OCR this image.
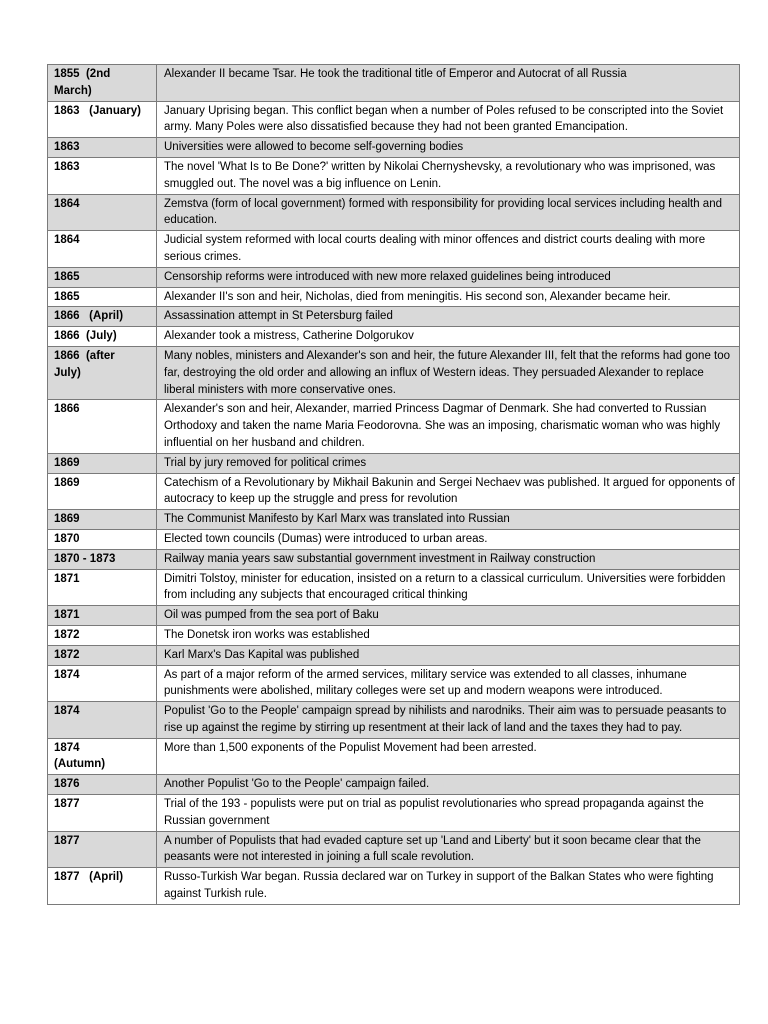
1855  (2nd
March)	Alexander II became Tsar. He took the traditional title of Emperor and Autocrat of all Russia
1863   (January)	January Uprising began. This conflict began when a number of Poles refused to be conscripted into the Soviet army. Many Poles were also dissatisfied because they had not been granted Emancipation.
1863	Universities were allowed to become self-governing bodies
1863	The novel 'What Is to Be Done?' written by Nikolai Chernyshevsky, a revolutionary who was imprisoned, was smuggled out. The novel was a big influence on Lenin.
1864	Zemstva (form of local government) formed with responsibility for providing local services including health and education.
1864	Judicial system reformed with local courts dealing with minor offences and district courts dealing with more serious crimes.
1865	Censorship reforms were introduced with new more relaxed guidelines being introduced
1865	Alexander II's son and heir, Nicholas, died from meningitis. His second son, Alexander became heir.
1866   (April)	Assassination attempt in St Petersburg failed
1866  (July)	Alexander took a mistress, Catherine Dolgorukov
1866  (after
July)	Many nobles, ministers and Alexander's son and heir, the future Alexander III, felt that the reforms had gone too far, destroying the old order and allowing an influx of Western ideas. They persuaded Alexander to replace liberal ministers with more conservative ones.
1866	Alexander's son and heir, Alexander, married Princess Dagmar of Denmark. She had converted to Russian Orthodoxy and taken the name Maria Feodorovna. She was an imposing, charismatic woman who was highly influential on her husband and children.
1869	Trial by jury removed for political crimes
1869	Catechism of a Revolutionary by Mikhail Bakunin and Sergei Nechaev was published. It argued for opponents of autocracy to keep up the struggle and press for revolution
1869	The Communist Manifesto by Karl Marx was translated into Russian
1870	Elected town councils (Dumas) were introduced to urban areas.
1870 - 1873	Railway mania years saw substantial government investment in Railway construction
1871	Dimitri Tolstoy, minister for education, insisted on a return to a classical curriculum. Universities were forbidden from including any subjects that encouraged critical thinking
1871	Oil was pumped from the sea port of Baku
1872	The Donetsk iron works was established
1872	Karl Marx's Das Kapital was published
1874	As part of a major reform of the armed services, military service was extended to all classes, inhumane punishments were abolished, military colleges were set up and modern weapons were introduced.
1874	Populist 'Go to the People' campaign spread by nihilists and narodniks. Their aim was to persuade peasants to rise up against the regime by stirring up resentment at their lack of land and the taxes they had to pay.
1874
(Autumn)	More than 1,500 exponents of the Populist Movement had been arrested.
1876	Another Populist 'Go to the People' campaign failed.
1877	Trial of the 193 - populists were put on trial as populist revolutionaries who spread propaganda against the Russian government
1877	A number of Populists that had evaded capture set up 'Land and Liberty' but it soon became clear that the peasants were not interested in joining a full scale revolution.
1877   (April)	Russo-Turkish War began. Russia declared war on Turkey in support of the Balkan States who were fighting against Turkish rule.
